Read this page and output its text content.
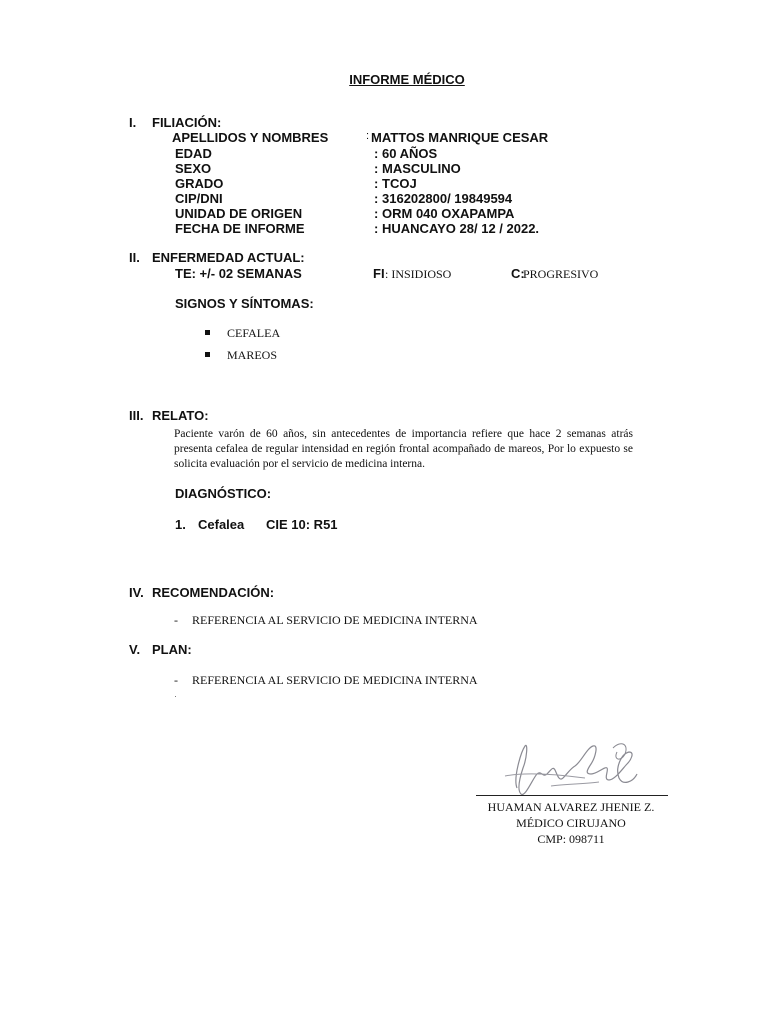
INFORME MÉDICO
I. FILIACIÓN:
APELLIDOS Y NOMBRES	: MATTOS MANRIQUE CESAR
EDAD	: 60 AÑOS
SEXO	: MASCULINO
GRADO	: TCOJ
CIP/DNI	: 316202800/ 19849594
UNIDAD DE ORIGEN	: ORM 040 OXAPAMPA
FECHA DE INFORME	: HUANCAYO 28/ 12 / 2022.
II. ENFERMEDAD ACTUAL:
TE: +/- 02 SEMANAS	FI : INSIDIOSO	C:
PROGRESIVO
SIGNOS Y SÍNTOMAS:
CEFALEA
MAREOS
III. RELATO:
Paciente varón de 60 años, sin antecedentes de importancia refiere que hace 2 semanas atrás presenta cefalea de regular intensidad en región frontal acompañado de mareos, Por lo expuesto se solicita evaluación por el servicio de medicina interna.
DIAGNÓSTICO:
1. Cefalea CIE 10: R51
IV. RECOMENDACIÓN:
- REFERENCIA AL SERVICIO DE MEDICINA INTERNA
V. PLAN:
- REFERENCIA AL SERVICIO DE MEDICINA INTERNA
HUAMAN ALVAREZ JHENIE Z.
MÉDICO CIRUJANO
CMP: 098711
